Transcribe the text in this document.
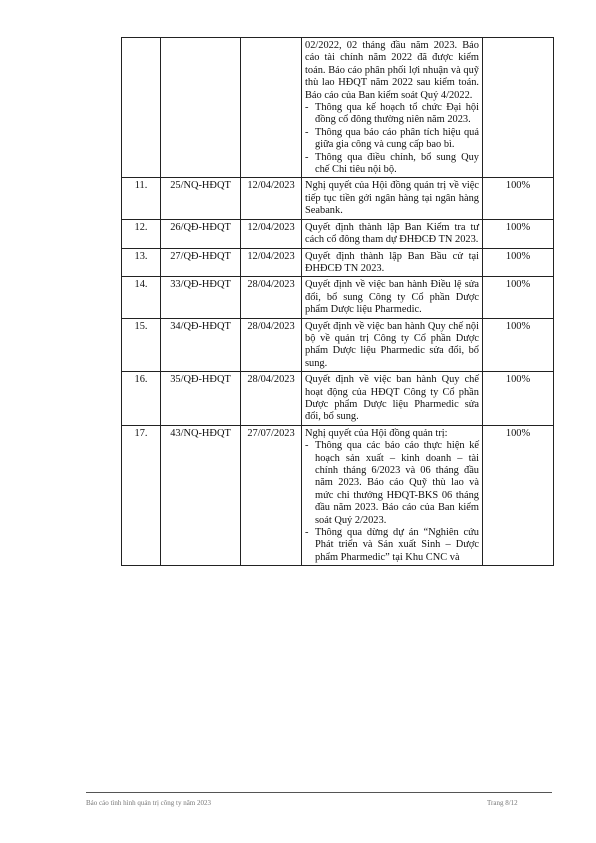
			02/2022, 02 tháng đầu năm 2023. Báo cáo tài chính năm 2022 đã được kiểm toán. Báo cáo phân phối lợi nhuận và quỹ thù lao HĐQT năm 2022 sau kiểm toán. Báo cáo của Ban kiểm soát Quý 4/2022.
- Thông qua kế hoạch tổ chức Đại hội đồng cổ đông thường niên năm 2023.
- Thông qua báo cáo phân tích hiệu quả giữa gia công và cung cấp bao bì.
- Thông qua điều chỉnh, bổ sung Quy chế Chi tiêu nội bộ.

11.	25/NQ-HĐQT	12/04/2023	Nghị quyết của Hội đồng quản trị về việc tiếp tục tiền gởi ngân hàng tại ngân hàng Seabank.	100%
12.	26/QĐ-HĐQT	12/04/2023	Quyết định thành lập Ban Kiểm tra tư cách cổ đông tham dự ĐHĐCĐ TN 2023.	100%
13.	27/QĐ-HĐQT	12/04/2023	Quyết định thành lập Ban Bầu cử tại ĐHĐCĐ TN 2023.	100%
14.	33/QĐ-HĐQT	28/04/2023	Quyết định về việc ban hành Điều lệ sửa đổi, bổ sung Công ty Cổ phần Dược phẩm Dược liệu Pharmedic.	100%
15.	34/QĐ-HĐQT	28/04/2023	Quyết định về việc ban hành Quy chế nội bộ về quản trị Công ty Cổ phần Dược phẩm Dược liệu Pharmedic sửa đổi, bổ sung.	100%
16.	35/QĐ-HĐQT	28/04/2023	Quyết định về việc ban hành Quy chế hoạt động của HĐQT Công ty Cổ phần Dược phẩm Dược liệu Pharmedic sửa đổi, bổ sung.	100%
17.	43/NQ-HĐQT	27/07/2023	Nghị quyết của Hội đồng quản trị:
- Thông qua các báo cáo thực hiện kế hoạch sản xuất – kinh doanh – tài chính tháng 6/2023 và 06 tháng đầu năm 2023. Báo cáo Quỹ thù lao và mức chi thưởng HĐQT-BKS 06 tháng đầu năm 2023. Báo cáo của Ban kiểm soát Quý 2/2023.
- Thông qua dừng dự án “Nghiên cứu Phát triển và Sản xuất Sinh – Dược phẩm Pharmedic” tại Khu CNC và	100%
Báo cáo tình hình quản trị công ty năm 2023	Trang 8/12
